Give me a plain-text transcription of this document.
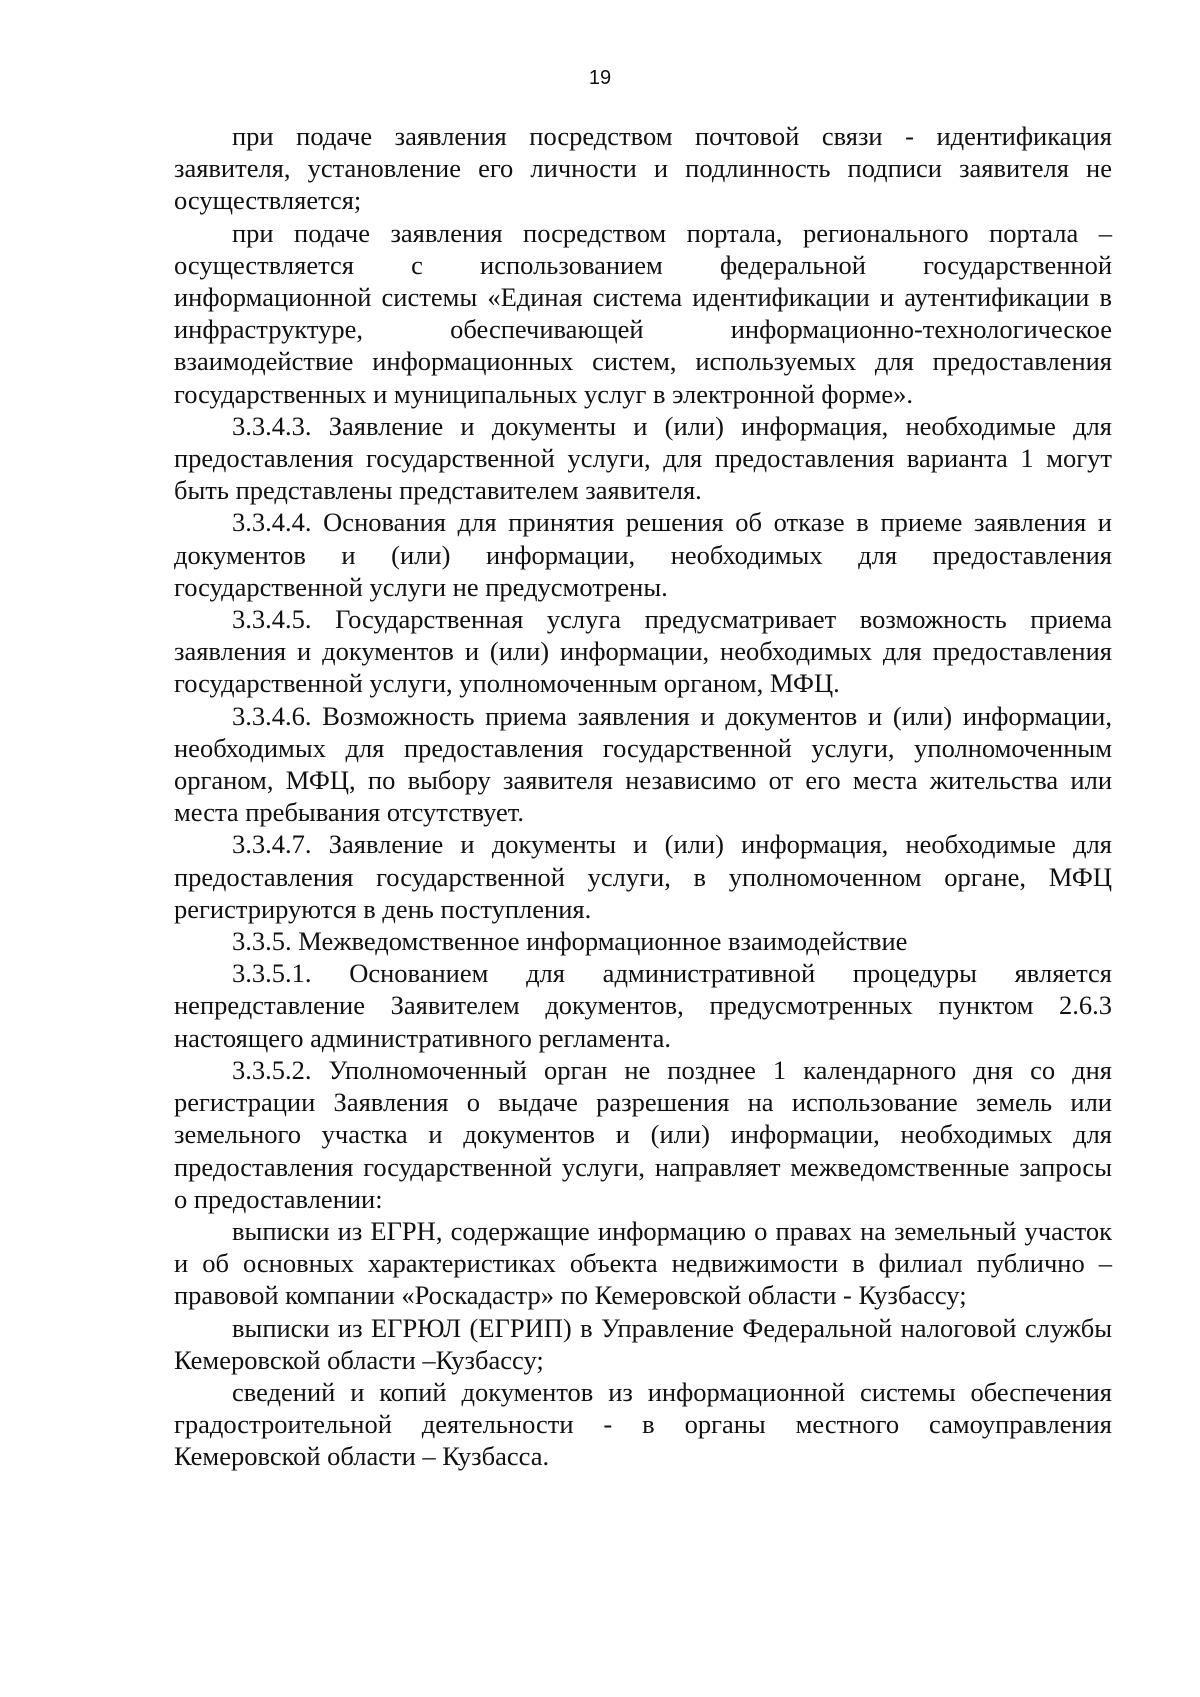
19

при подаче заявления посредством почтовой связи - идентификация заявителя, установление его личности и подлинность подписи заявителя не осуществляется;

при подаче заявления посредством портала, регионального портала – осуществляется с использованием федеральной государственной информационной системы «Единая система идентификации и аутентификации в инфраструктуре, обеспечивающей информационно-технологическое взаимодействие информационных систем, используемых для предоставления государственных и муниципальных услуг в электронной форме».

3.3.4.3. Заявление и документы и (или) информация, необходимые для предоставления государственной услуги, для предоставления варианта 1 могут быть представлены представителем заявителя.

3.3.4.4. Основания для принятия решения об отказе в приеме заявления и документов и (или) информации, необходимых для предоставления государственной услуги не предусмотрены.

3.3.4.5. Государственная услуга предусматривает возможность приема заявления и документов и (или) информации, необходимых для предоставления государственной услуги, уполномоченным органом, МФЦ.

3.3.4.6. Возможность приема заявления и документов и (или) информации, необходимых для предоставления государственной услуги, уполномоченным органом, МФЦ, по выбору заявителя независимо от его места жительства или места пребывания отсутствует.

3.3.4.7. Заявление и документы и (или) информация, необходимые для предоставления государственной услуги, в уполномоченном органе, МФЦ регистрируются в день поступления.

3.3.5. Межведомственное информационное взаимодействие

3.3.5.1. Основанием для административной процедуры является непредставление Заявителем документов, предусмотренных пунктом 2.6.3 настоящего административного регламента.

3.3.5.2. Уполномоченный орган не позднее 1 календарного дня со дня регистрации Заявления о выдаче разрешения на использование земель или земельного участка и документов и (или) информации, необходимых для предоставления государственной услуги, направляет межведомственные запросы о предоставлении:

выписки из ЕГРН, содержащие информацию о правах на земельный участок и об основных характеристиках объекта недвижимости в филиал публично – правовой компании «Роскадастр» по Кемеровской области - Кузбассу;

выписки из ЕГРЮЛ (ЕГРИП) в Управление Федеральной налоговой службы Кемеровской области –Кузбассу;

сведений и копий документов из информационной системы обеспечения градостроительной деятельности - в органы местного самоуправления Кемеровской области – Кузбасса.
